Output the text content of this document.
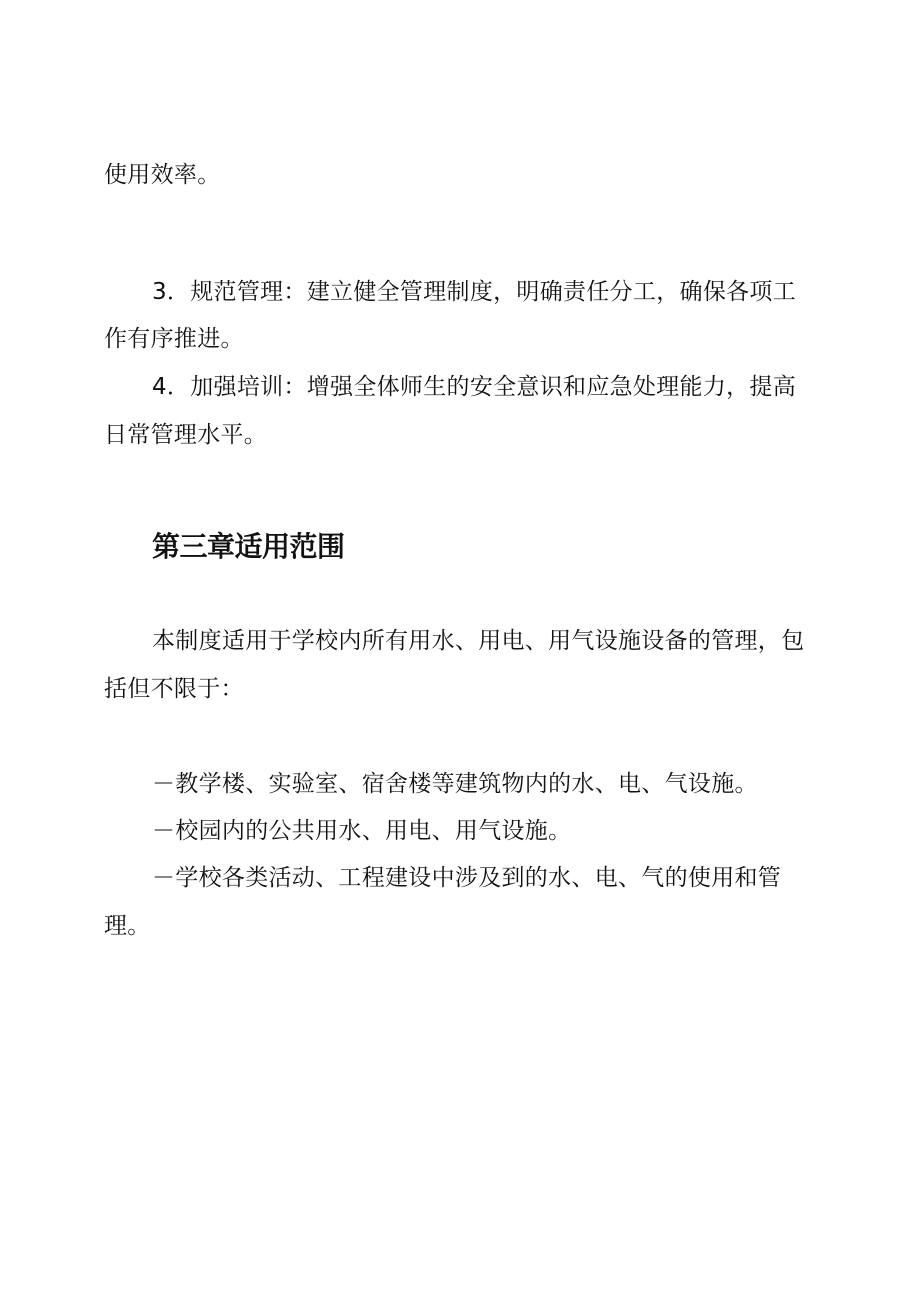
使用效率。
3．规范管理：建立健全管理制度，明确责任分工，确保各项工
作有序推进。
4．加强培训：增强全体师生的安全意识和应急处理能力，提高
日常管理水平。
第三章适用范围
本制度适用于学校内所有用水、用电、用气设施设备的管理，包
括但不限于：
－教学楼、实验室、宿舍楼等建筑物内的水、电、气设施。
－校园内的公共用水、用电、用气设施。
－学校各类活动、工程建设中涉及到的水、电、气的使用和管
理。
